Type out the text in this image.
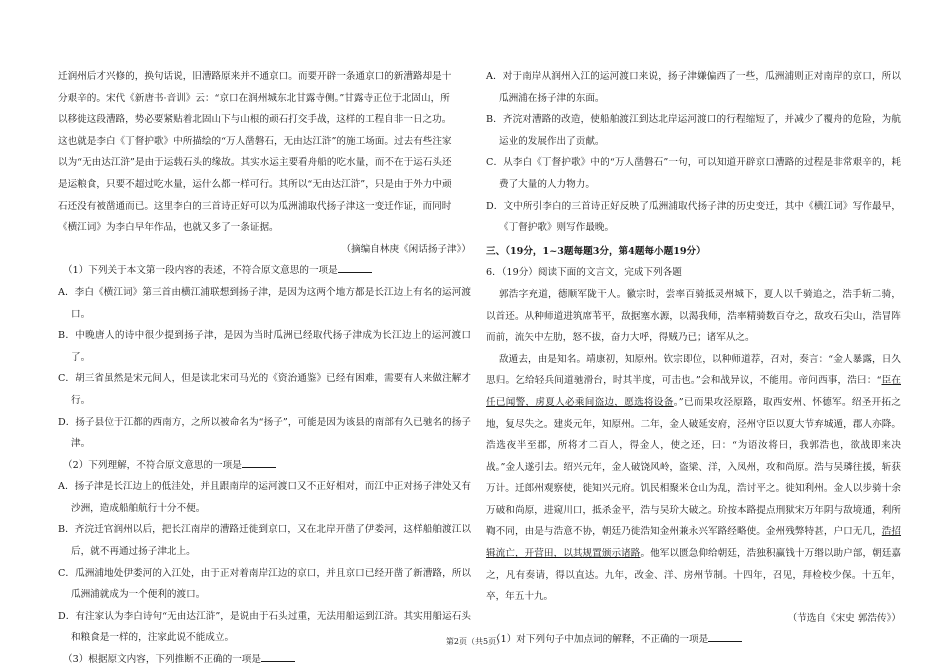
迁润州后才兴修的，换句话说，旧漕路原来并不通京口。而要开辟一条通京口的新漕路却是十

分艰辛的。宋代《新唐书·音训》云：“京口在润州城东北甘露寺侧。”甘露寺正位于北固山，所

以移徙这段漕路，势必要紧贴着北固山下与山根的顽石打交手战，这样的工程自非一日之功。

这也就是李白《丁督护歌》中所描绘的“万人凿磐石，无由达江浒”的施工场面。过去有些注家

以为“无由达江浒”是由于运载石头的缘故。其实水运主要看舟船的吃水量，而不在于运石头还

是运粮食，只要不超过吃水量，运什么都一样可行。其所以“无由达江浒”，只是由于外力中顽

石还没有被凿通而已。这里李白的三首诗正好可以为瓜洲浦取代扬子津这一变迁作证，而同时

《横江词》为李白早年作品，也就又多了一条证据。

（摘编自林庚《闲话扬子津》）

（1）下列关于本文第一段内容的表述，不符合原文意思的一项是

A．李白《横江词》第三首由横江浦联想到扬子津，是因为这两个地方都是长江边上有名的运河渡口。

B．中晚唐人的诗中很少提到扬子津，是因为当时瓜洲已经取代扬子津成为长江边上的运河渡口了。

C．胡三省虽然是宋元间人，但是读北宋司马光的《资治通鉴》已经有困难，需要有人来做注解才行。

D．扬子县位于江都的西南方，之所以被命名为“扬子”，可能是因为该县的南部有久已驰名的扬子津。

（2）下列理解，不符合原文意思的一项是

A．扬子津是长江边上的低洼处，并且跟南岸的运河渡口又不正好相对，而江中正对扬子津处又有沙洲，造成船舶航行十分不便。

B．齐浣迁官润州以后，把长江南岸的漕路迁徙到京口，又在北岸开凿了伊娄河，这样船舶渡江以后，就不再通过扬子津北上。

C．瓜洲浦地处伊娄河的入江处，由于正对着南岸江边的京口，并且京口已经开凿了新漕路，所以瓜洲浦就成为一个便利的渡口。

D．有注家认为李白诗句“无由达江浒”，是说由于石头过重，无法用船运到江浒。其实用船运石头和粮食是一样的，注家此说不能成立。

（3）根据原文内容，下列推断不正确的一项是

A．对于南岸从润州入江的运河渡口来说，扬子津嫌偏西了一些，瓜洲浦则正对南岸的京口，所以瓜洲浦在扬子津的东面。

B．齐浣对漕路的改造，使船舶渡江到达北岸运河渡口的行程缩短了，并减少了覆舟的危险，为航运业的发展作出了贡献。

C．从李白《丁督护歌》中的“万人凿磐石”一句，可以知道开辟京口漕路的过程是非常艰辛的，耗费了大量的人力物力。

D．文中所引李白的三首诗正好反映了瓜洲浦取代扬子津的历史变迁，其中《横江词》写作最早，《丁督护歌》则写作最晚。

三、（19分，1~3题每题3分，第4题每小题19分）

6．（19分）阅读下面的文言文，完成下列各题

郭浩字充道，德顺军陇干人。徽宗时，尝率百骑抵灵州城下，夏人以千骑追之，浩手斩二骑，以首还。从种师道进筑席苇平，敌据塞水源，以渴我师，浩率精骑数百夺之，敌攻石尖山，浩冒阵而前，流矢中左肋，怒不拔，奋力大呼，得贼乃已；诸军从之。

敌遁去，由是知名。靖康初，知原州。钦宗即位，以种师道荐，召对，奏言：“金人暴露，日久思归。乞给轻兵间道驰滑台，时其半度，可击也。”会和战异议，不能用。帝问西事，浩曰：“臣在任已闻警，虏夏人必乘间盗边，愿选将设备。”已而果攻泾原路，取西安州、怀德军。绍圣开拓之地，复尽失之。建炎元年，知原州。二年，金人破延安府，泾州守臣以夏大节弃城遁，郡人亦降。浩选夜半至郡，所将才二百人，得金人，使之还，曰：“为语汝将曰，我郭浩也，欲战即来决战。”金人遂引去。绍兴元年，金人破饶风岭，盗梁、洋，入凤州，攻和尚原。浩与吴璘往援，斩获万计。迁郎州观察使，徙知兴元府。饥民相聚米仓山为乱，浩讨平之。徙知利州。金人以步骑十余万破和尚原，进窥川口，抵杀金平，浩与吴玠大破之。玠按本路提点刑狱宋万年阴与敌境通，利所鞫不同，由是与浩意不协，朝廷乃徙浩知金州兼永兴军路经略使。金州残弊特甚，户口无几，浩招辑流亡，开营田，以其规置颁示诸路。他军以匮急仰给朝廷，浩独积赢钱十万缗以助户部，朝廷嘉之，凡有奏请，得以直达。九年，改金、洋、房州节制。十四年，召见，拜检校少保。十五年，卒，年五十九。

（节选自《宋史 郭浩传》）

（1）对下列句子中加点词的解释，不正确的一项是

第2页（共5页）
